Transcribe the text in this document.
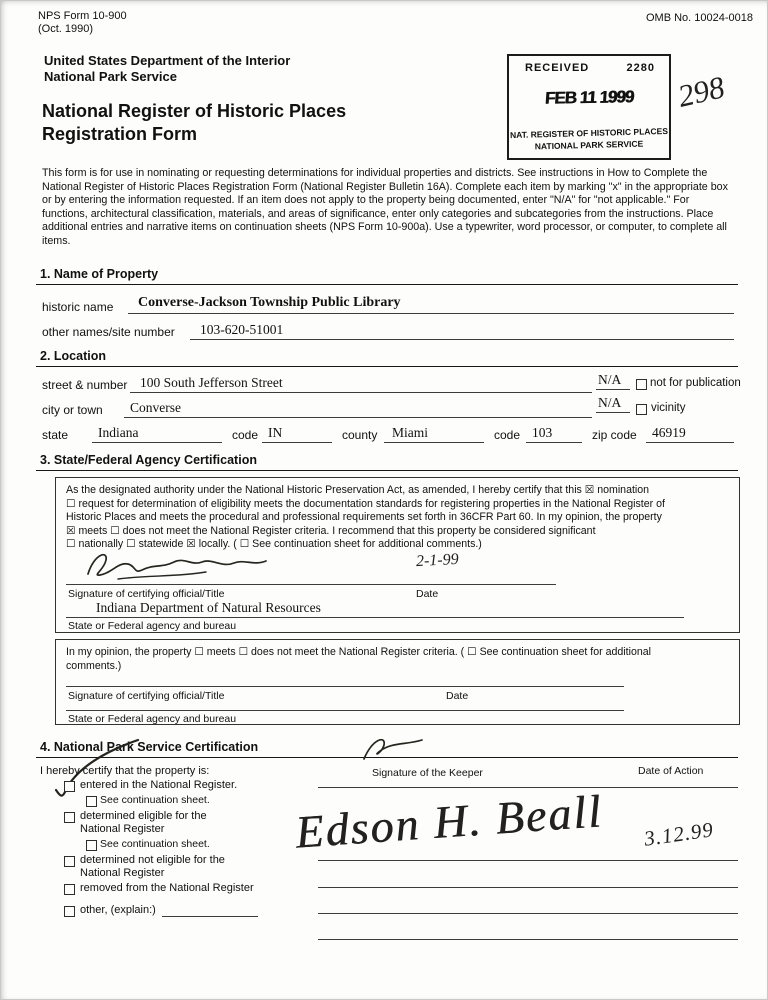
NPS Form 10-900
(Oct. 1990)
OMB No. 10024-0018
United States Department of the Interior
National Park Service
National Register of Historic Places
Registration Form
RECEIVED	2280
FEB 11 1999
NAT. REGISTER OF HISTORIC PLACES
NATIONAL PARK SERVICE
298
This form is for use in nominating or requesting determinations for individual properties and districts. See instructions in How to Complete the National Register of Historic Places Registration Form (National Register Bulletin 16A). Complete each item by marking "x" in the appropriate box or by entering the information requested. If an item does not apply to the property being documented, enter "N/A" for "not applicable." For functions, architectural classification, materials, and areas of significance, enter only categories and subcategories from the instructions. Place additional entries and narrative items on continuation sheets (NPS Form 10-900a). Use a typewriter, word processor, or computer, to complete all items.
1. Name of Property
historic name Converse-Jackson Township Public Library
other names/site number 103-620-51001
2. Location
street & number 100 South Jefferson Street	N/A	not for publication
city or town Converse	N/A	vicinity
state Indiana	code IN	county Miami	code 103	zip code 46919
3. State/Federal Agency Certification
As the designated authority under the National Historic Preservation Act, as amended, I hereby certify that this ☒ nomination
☐ request for determination of eligibility meets the documentation standards for registering properties in the National Register of
Historic Places and meets the procedural and professional requirements set forth in 36CFR Part 60. In my opinion, the property
☒ meets ☐ does not meet the National Register criteria. I recommend that this property be considered significant
☐ nationally ☐ statewide ☒ locally. ( ☐ See continuation sheet for additional comments.)
2-1-99
Signature of certifying official/Title	Date
Indiana Department of Natural Resources
State or Federal agency and bureau
In my opinion, the property ☐ meets ☐ does not meet the National Register criteria. ( ☐ See continuation sheet for additional
comments.)
Signature of certifying official/Title	Date
State or Federal agency and bureau
4. National Park Service Certification
I hereby certify that the property is:
entered in the National Register.
See continuation sheet.
determined eligible for the National Register
See continuation sheet.
determined not eligible for the National Register
removed from the National Register
other, (explain:)
Signature of the Keeper	Date of Action
Edson H. Beall 3.12.99
